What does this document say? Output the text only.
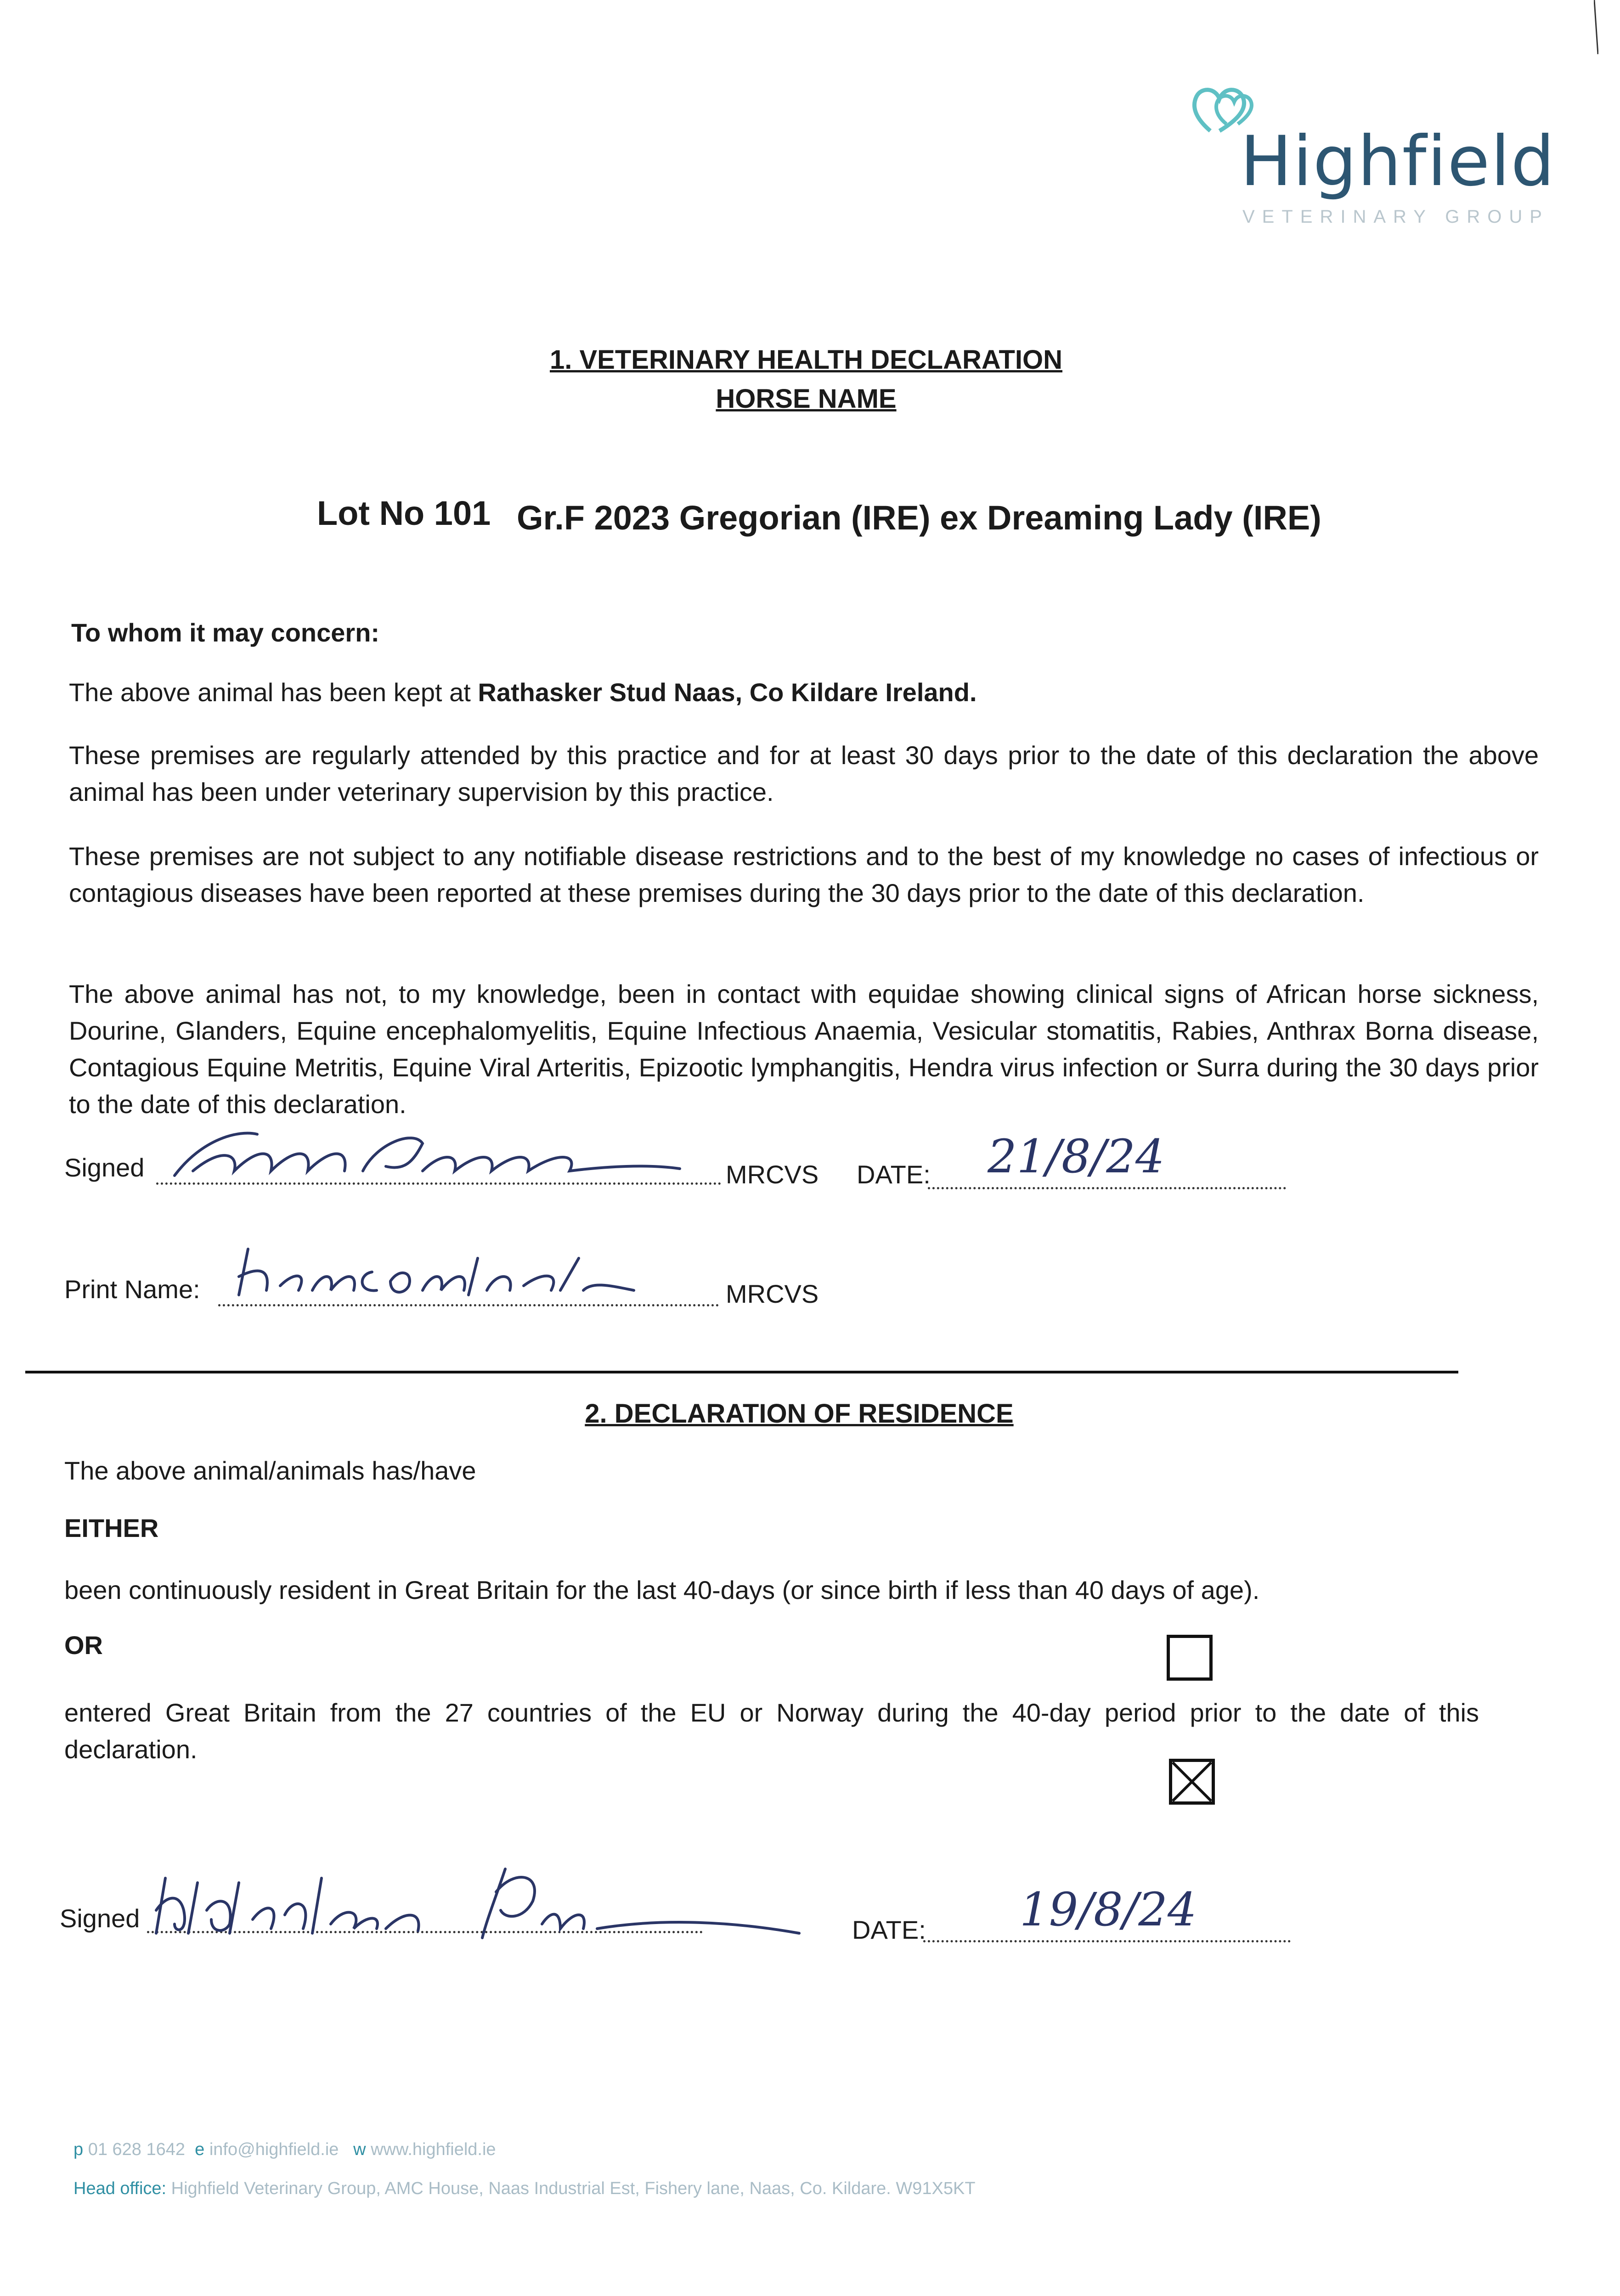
Highfield
VETERINARY GROUP
1. VETERINARY HEALTH DECLARATION
HORSE NAME
Lot No 101 Gr.F 2023 Gregorian (IRE) ex Dreaming Lady (IRE)
To whom it may concern:
The above animal has been kept at Rathasker Stud Naas, Co Kildare Ireland.
These premises are regularly attended by this practice and for at least 30 days prior to the date of this declaration the above animal has been under veterinary supervision by this practice.
These premises are not subject to any notifiable disease restrictions and to the best of my knowledge no cases of infectious or contagious diseases have been reported at these premises during the 30 days prior to the date of this declaration.
The above animal has not, to my knowledge, been in contact with equidae showing clinical signs of African horse sickness, Dourine, Glanders, Equine encephalomyelitis, Equine Infectious Anaemia, Vesicular stomatitis, Rabies, Anthrax Borna disease, Contagious Equine Metritis, Equine Viral Arteritis, Epizootic lymphangitis, Hendra virus infection or Surra during the 30 days prior to the date of this declaration.
Signed	MRCVS DATE: 21/8/24
Print Name:	MRCVS
2. DECLARATION OF RESIDENCE
The above animal/animals has/have
EITHER
been continuously resident in Great Britain for the last 40-days (or since birth if less than 40 days of age).
OR
entered Great Britain from the 27 countries of the EU or Norway during the 40-day period prior to the date of this declaration.
Signed	DATE: 19/8/24
p 01 628 1642 e info@highfield.ie w www.highfield.ie
Head office: Highfield Veterinary Group, AMC House, Naas Industrial Est, Fishery lane, Naas, Co. Kildare. W91X5KT
